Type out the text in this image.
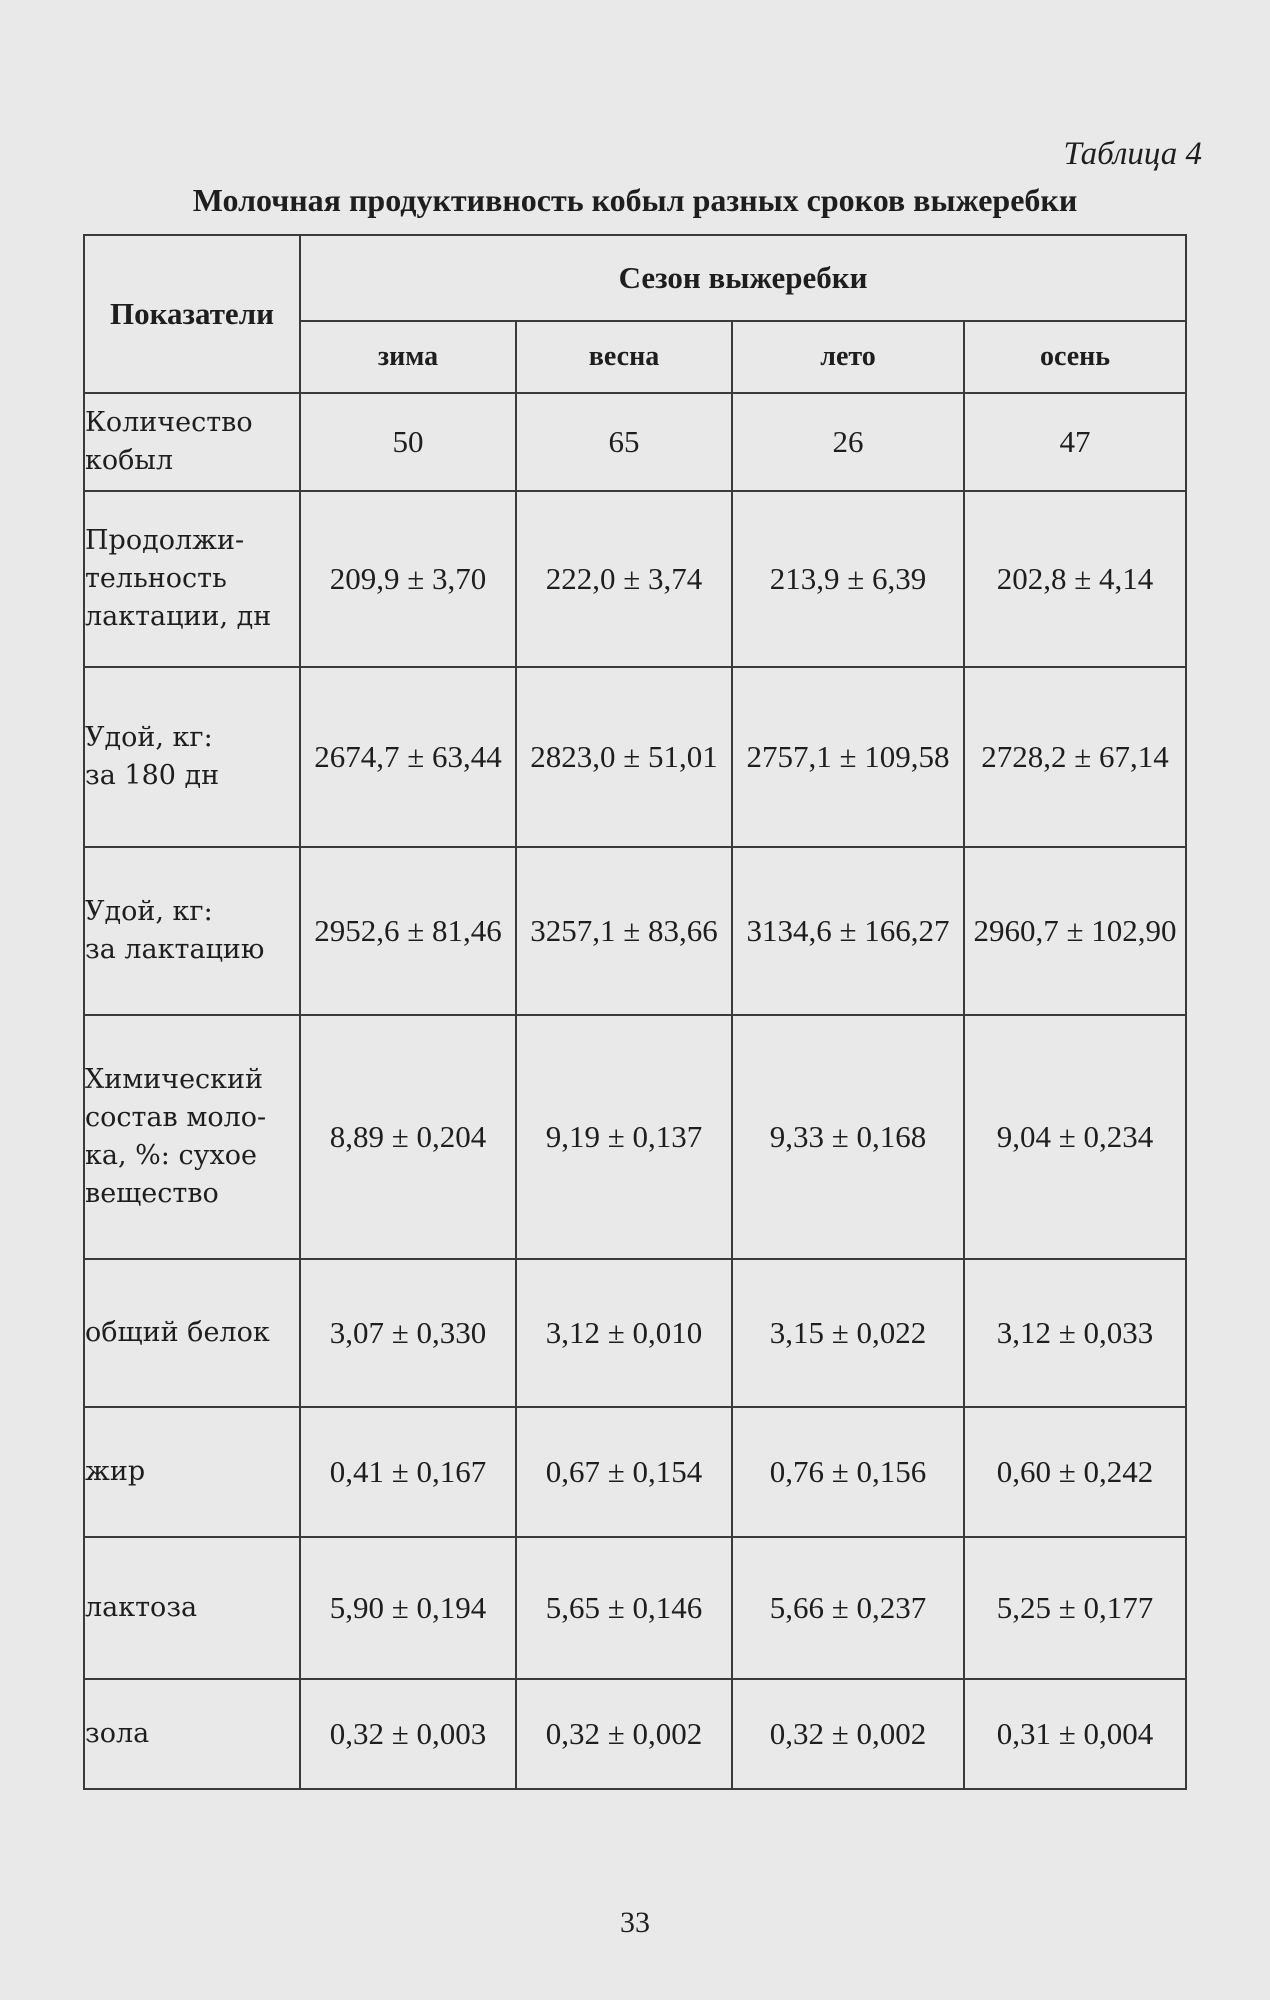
Таблица 4
Молочная продуктивность кобыл разных сроков выжеребки
Показатели	Сезон выжеребки			
	зима	весна	лето	осень

Количество
кобыл	50	65	26	47

Продолжи-
тельность
лактации, дн	209,9 ± 3,70	222,0 ± 3,74	213,9 ± 6,39	202,8 ± 4,14

Удой, кг:
за 180 дн	2674,7 ± 63,44	2823,0 ± 51,01	2757,1 ± 109,58	2728,2 ± 67,14

Удой, кг:
за лактацию	2952,6 ± 81,46	3257,1 ± 83,66	3134,6 ± 166,27	2960,7 ± 102,90

Химический
состав моло-
ка, %: сухое
вещество	8,89 ± 0,204	9,19 ± 0,137	9,33 ± 0,168	9,04 ± 0,234

общий белок	3,07 ± 0,330	3,12 ± 0,010	3,15 ± 0,022	3,12 ± 0,033

жир	0,41 ± 0,167	0,67 ± 0,154	0,76 ± 0,156	0,60 ± 0,242

лактоза	5,90 ± 0,194	5,65 ± 0,146	5,66 ± 0,237	5,25 ± 0,177

зола	0,32 ± 0,003	0,32 ± 0,002	0,32 ± 0,002	0,31 ± 0,004
33
